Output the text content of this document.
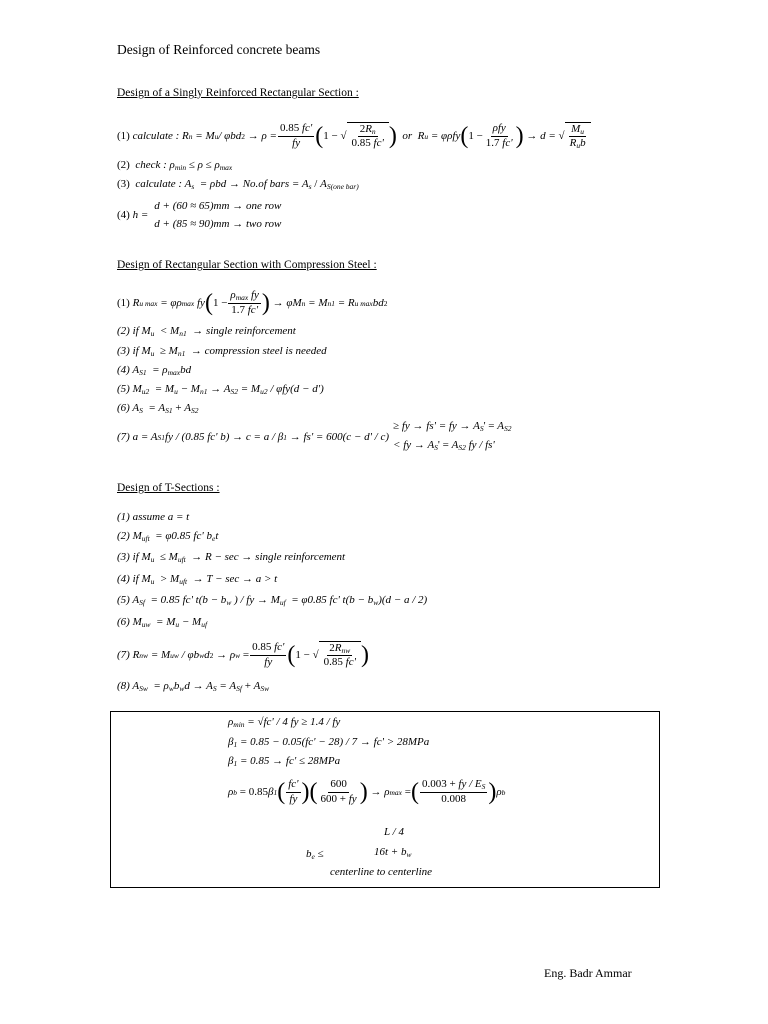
Design of Reinforced concrete beams
Design of a Singly Reinforced Rectangular Section :
(1)
calculate : R n
= M u / φbd 2
→ $\rho = \frac{0.85 fc'}{fy}$ ( 1 − √ $\frac{2R_n}{0.85 fc'}$ )
or
R u
= φρfy ( $1 - \frac{\text{ρfy}}{1.7 fc'}$ )
→ d = √ $\frac{M_u}{R_ub}$
(2) check : $\rho_{min} \le \rho \le \rho_{max}$
(3) calculate : $A_s = \rho bd \to No.of$ bars = $A_s / A_{S(one bar)}$
(4)
h =
d + (60 ≈ 65)mm → one row
d + (85 ≈ 90)mm → two row
Design of Rectangular Section with Compression Steel :
(1)
R u max
= φρ max
fy ( $1 - \frac{\rho_{max} fy}{1.7 fc'}$ )
→ φM n
= M n1
= R u max bd 2
(2) if $M_u < M_{n1}$ → single reinforcement
(3) if $M_u \ge M_{n1}$ → compression steel is needed
(4) $A_{S1} = \rho_{max}bd$
(5) $M_{u2} = M_u - M_{n1} \to A_{S2} = M_{u2} / \varphi fy(d - d')$
(6) $A_S = A_{S1} + A_{S2}$
(7) a = A S1 fy / (0.85 fc' b) → c = a / β 1
→ fs' = 600(c − d' / c)
≥ fy → fs' = fy → $A_S' = A_{S2}$
< fy → $A_S' = A_{S2}$ fy / fs'
Design of T-Sections :
(1) assume a = t
(2) $M_{uft} = \varphi 0.85$ fc' $b_et$
(3) if $M_u \le M_{uft} \to R - \sec$ → single reinforcement
(4) if $M_u > M_{uft} \to T - \sec \to a > t$
(5) $A_{Sf} = 0.85$ fc' $t(b - b_w$ ) / fy → $M_{uf} = \varphi 0.85$ fc' $t(b - b_w)(d - a / 2)$
(6) $M_{uw} = M_u - M_{uf}$
(7) R nw
= M uw
/ φb w d 2
→ ρ $w = \frac{0.85 fc'}{fy}$ ( 1 − √ $\frac{2R_{nw}}{0.85 fc'}$ )
(8) $A_{Sw} = \rho_wb_wd \to A_S = A_{Sf} + A_{Sw}$
$\rho_{min} = √fc' / 4$ fy ≥ 1.4 / fy
$\beta_1 = 0.85 - 0.05(fc' - 28) / 7 \to fc' > 28MPa$
$\beta_1 = 0.85 \to fc' \le 28MPa$
ρ b = 0.85 β 1 ( $\frac{fc'}{fy}$ ) ( $\frac{600}{600 + fy}$ )
→ ρ max = ( $\frac{0.003 + fy / E_S}{0.008}$ ) ρ b
L / 4
$b_e$ ≤	$16t + b_w$
centerline to centerline
Eng. Badr Ammar
